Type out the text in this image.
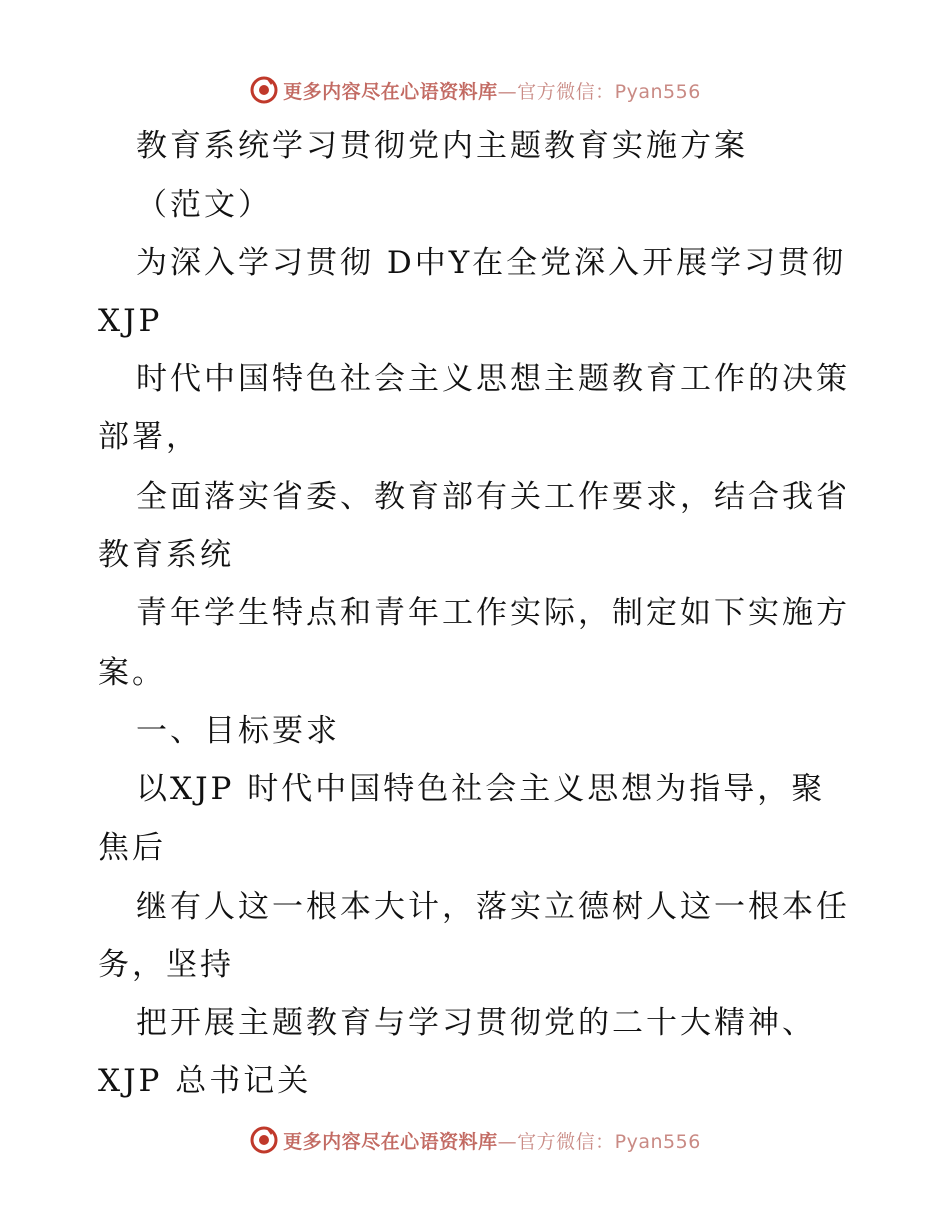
更多内容尽在心语资料库—官方微信：Pyan556
教育系统学习贯彻党内主题教育实施方案
（范文）
为深入学习贯彻 D中Y在全党深入开展学习贯彻
XJP
时代中国特色社会主义思想主题教育工作的决策
部署，
全面落实省委、教育部有关工作要求，结合我省
教育系统
青年学生特点和青年工作实际，制定如下实施方
案。
一、目标要求
以XJP 时代中国特色社会主义思想为指导，聚
焦后
继有人这一根本大计，落实立德树人这一根本任
务，坚持
把开展主题教育与学习贯彻党的二十大精神、
XJP 总书记关
更多内容尽在心语资料库—官方微信：Pyan556
